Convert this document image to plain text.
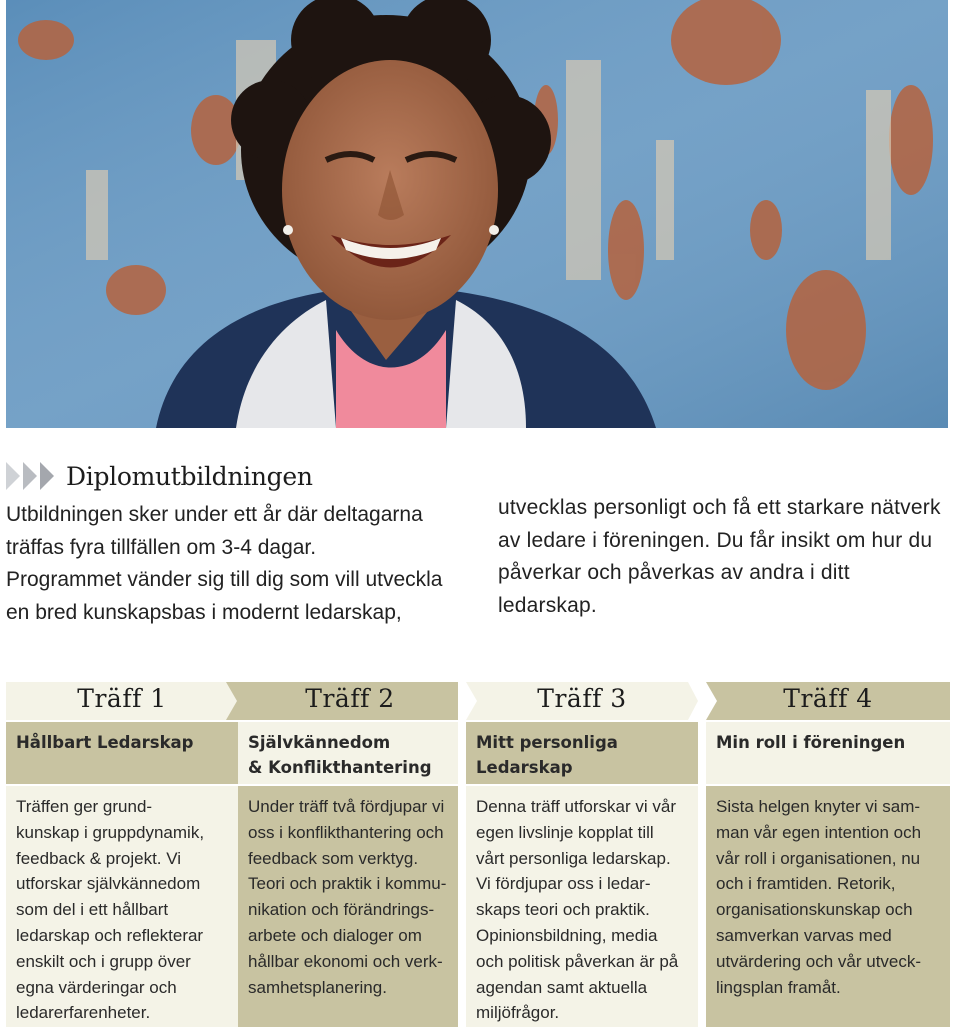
Diplomutbildningen
Utbildningen sker under ett år där deltagarna
träffas fyra tillfällen om 3-4 dagar.
Programmet vänder sig till dig som vill utveckla
en bred kunskapsbas i modernt ledarskap,
utvecklas personligt och få ett starkare nätverk
av ledare i föreningen. Du får insikt om hur du
påverkar och påverkas av andra i ditt ledarskap.
Träff 1
Hållbart Ledarskap
Träffen ger grund-
kunskap i gruppdynamik,
feedback & projekt. Vi
utforskar självkännedom
som del i ett hållbart
ledarskap och reflekterar
enskilt och i grupp över
egna värderingar och
ledarerfarenheter.
Träff 2
Självkännedom
& Konflikthantering
Under träff två fördjupar vi
oss i konflikthantering och
feedback som verktyg.
Teori och praktik i kommu-
nikation och förändrings-
arbete och dialoger om
hållbar ekonomi och verk-
samhetsplanering.
Träff 3
Mitt personliga
Ledarskap
Denna träff utforskar vi vår
egen livslinje kopplat till
vårt personliga ledarskap.
Vi fördjupar oss i ledar-
skaps teori och praktik.
Opinionsbildning, media
och politisk påverkan är på
agendan samt aktuella
miljöfrågor.
Träff 4
Min roll i föreningen
Sista helgen knyter vi sam-
man vår egen intention och
vår roll i organisationen, nu
och i framtiden. Retorik,
organisationskunskap och
samverkan varvas med
utvärdering och vår utveck-
lingsplan framåt.
